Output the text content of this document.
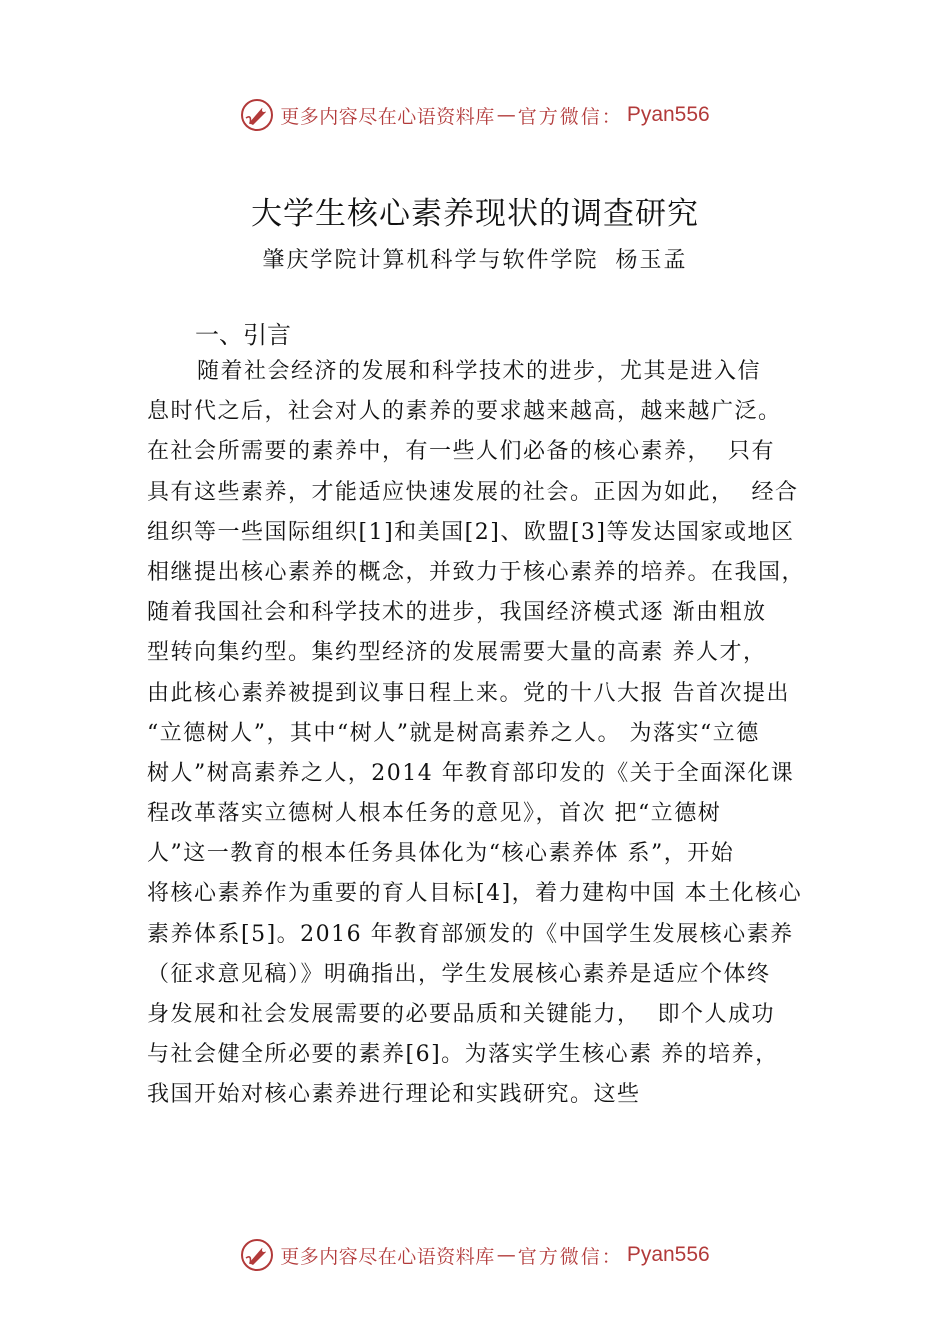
更多内容尽在心语资料库 — 官方微信： Pyan556
大学生核心素养现状的调查研究
肇庆学院计算机科学与软件学院 杨玉孟
一、引言
随着社会经济的发展和科学技术的进步，尤其是进入信
息时代之后，社会对人的素养的要求越来越高，越来越广泛。
在社会所需要的素养中，有一些人们必备的核心素养，  只有
具有这些素养，才能适应快速发展的社会。正因为如此，  经合
组织等一些国际组织[1]和美国[2]、欧盟[3]等发达国家或地区
相继提出核心素养的概念，并致力于核心素养的培养。在我国，
随着我国社会和科学技术的进步，我国经济模式逐 渐由粗放
型转向集约型。集约型经济的发展需要大量的高素 养人才，
由此核心素养被提到议事日程上来。党的十八大报 告首次提出
“立德树人”，其中“树人”就是树高素养之人。 为落实“立德
树人”树高素养之人，2014 年教育部印发的《关于全面深化课
程改革落实立德树人根本任务的意见》，首次 把“立德树
人”这一教育的根本任务具体化为“核心素养体 系”，开始
将核心素养作为重要的育人目标[4]，着力建构中国 本土化核心
素养体系[5]。2016 年教育部颁发的《中国学生发展核心素养
（征求意见稿）》明确指出，学生发展核心素养是适应个体终
身发展和社会发展需要的必要品质和关键能力，  即个人成功
与社会健全所必要的素养[6]。为落实学生核心素 养的培养，
我国开始对核心素养进行理论和实践研究。这些
更多内容尽在心语资料库 — 官方微信： Pyan556
